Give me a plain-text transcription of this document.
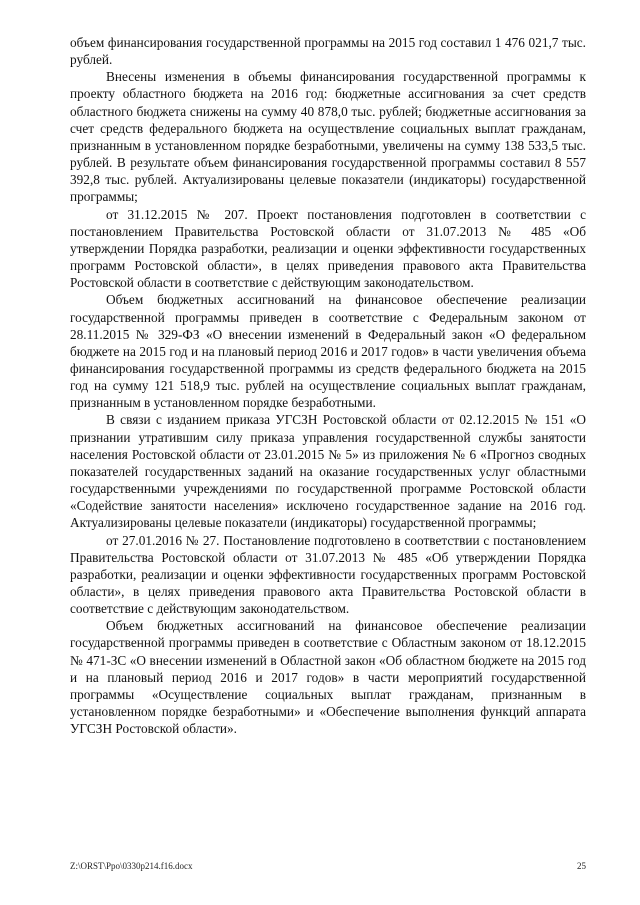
объем финансирования государственной программы на 2015 год составил 1 476 021,7 тыс. рублей.

Внесены изменения в объемы финансирования государственной программы к проекту областного бюджета на 2016 год: бюджетные ассигнования за счет средств областного бюджета снижены на сумму 40 878,0 тыс. рублей; бюджетные ассигнования за счет средств федерального бюджета на осуществление социальных выплат гражданам, признанным в установленном порядке безработными, увеличены на сумму 138 533,5 тыс. рублей. В результате объем финансирования государственной программы составил 8 557 392,8 тыс. рублей. Актуализированы целевые показатели (индикаторы) государственной программы;

от 31.12.2015 № 207. Проект постановления подготовлен в соответствии с постановлением Правительства Ростовской области от 31.07.2013 № 485 «Об утверждении Порядка разработки, реализации и оценки эффективности государственных программ Ростовской области», в целях приведения правового акта Правительства Ростовской области в соответствие с действующим законодательством.

Объем бюджетных ассигнований на финансовое обеспечение реализации государственной программы приведен в соответствие с Федеральным законом от 28.11.2015 № 329-ФЗ «О внесении изменений в Федеральный закон «О федеральном бюджете на 2015 год и на плановый период 2016 и 2017 годов» в части увеличения объема финансирования государственной программы из средств федерального бюджета на 2015 год на сумму 121 518,9 тыс. рублей на осуществление социальных выплат гражданам, признанным в установленном порядке безработными.

В связи с изданием приказа УГСЗН Ростовской области от 02.12.2015 № 151 «О признании утратившим силу приказа управления государственной службы занятости населения Ростовской области от 23.01.2015 № 5» из приложения № 6 «Прогноз сводных показателей государственных заданий на оказание государственных услуг областными государственными учреждениями по государственной программе Ростовской области «Содействие занятости населения» исключено государственное задание на 2016 год. Актуализированы целевые показатели (индикаторы) государственной программы;

от 27.01.2016 № 27. Постановление подготовлено в соответствии с постановлением Правительства Ростовской области от 31.07.2013 № 485 «Об утверждении Порядка разработки, реализации и оценки эффективности государственных программ Ростовской области», в целях приведения правового акта Правительства Ростовской области в соответствие с действующим законодательством.

Объем бюджетных ассигнований на финансовое обеспечение реализации государственной программы приведен в соответствие с Областным законом от 18.12.2015 № 471-ЗС «О внесении изменений в Областной закон «Об областном бюджете на 2015 год и на плановый период 2016 и 2017 годов» в части мероприятий государственной программы «Осуществление социальных выплат гражданам, признанным в установленном порядке безработными» и «Обеспечение выполнения функций аппарата УГСЗН Ростовской области».

Z:\ORST\Ppo\0330p214.f16.docx	25
